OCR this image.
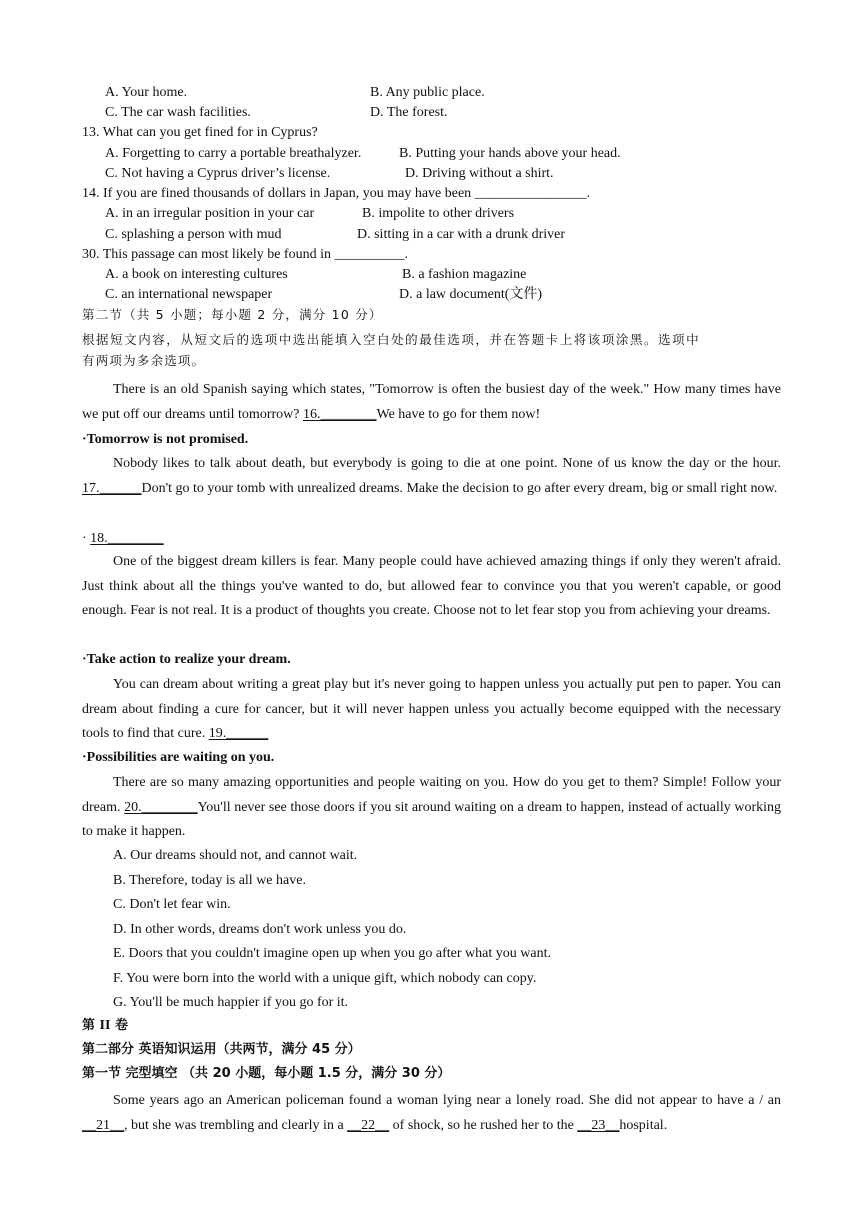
A. Your home.	B. Any public place.
C. The car wash facilities.	D. The forest.
13. What can you get fined for in Cyprus?
A. Forgetting to carry a portable breathalyzer.	B. Putting your hands above your head.
C. Not having a Cyprus driver’s license.	D. Driving without a shirt.
14. If you are fined thousands of dollars in Japan, you may have been ________________.
A. in an irregular position in your car	B. impolite to other drivers
C. splashing a person with mud	D. sitting in a car with a drunk driver
30. This passage can most likely be found in __________.
A. a book on interesting cultures	B. a fashion magazine
C. an international newspaper	D. a law document(文件)
第二节（共 5 小题；每小题 2 分，满分 10 分）
根据短文内容，从短文后的选项中选出能填入空白处的最佳选项，并在答题卡上将该项涂黑。选项中
有两项为多余选项。
There is an old Spanish saying which states, "Tomorrow is often the busiest day of the week." How many times have we put off our dreams until tomorrow? 16.________We have to go for them now!
·Tomorrow is not promised.
Nobody likes to talk about death, but everybody is going to die at one point. None of us know the day or the hour. 17.______Don't go to your tomb with unrealized dreams. Make the decision to go after every dream, big or small right now.
· 18.________
One of the biggest dream killers is fear. Many people could have achieved amazing things if only they weren't afraid. Just think about all the things you've wanted to do, but allowed fear to convince you that you weren't capable, or good enough. Fear is not real. It is a product of thoughts you create. Choose not to let fear stop you from achieving your dreams.
·Take action to realize your dream.
You can dream about writing a great play but it's never going to happen unless you actually put pen to paper. You can dream about finding a cure for cancer, but it will never happen unless you actually become equipped with the necessary tools to find that cure. 19.______
·Possibilities are waiting on you.
There are so many amazing opportunities and people waiting on you. How do you get to them? Simple! Follow your dream. 20.________You'll never see those doors if you sit around waiting on a dream to happen, instead of actually working to make it happen.
A. Our dreams should not, and cannot wait.
B. Therefore, today is all we have.
C. Don't let fear win.
D. In other words, dreams don't work unless you do.
E. Doors that you couldn't imagine open up when you go after what you want.
F. You were born into the world with a unique gift, which nobody can copy.
G. You'll be much happier if you go for it.
第 II 卷
第二部分 英语知识运用（共两节，满分 45 分）
第一节 完型填空 （共 20 小题，每小题 1.5 分，满分 30 分）
Some years ago an American policeman found a woman lying near a lonely road. She did not appear to have a / an __21__, but she was trembling and clearly in a __22__ of shock, so he rushed her to the __23__hospital.
